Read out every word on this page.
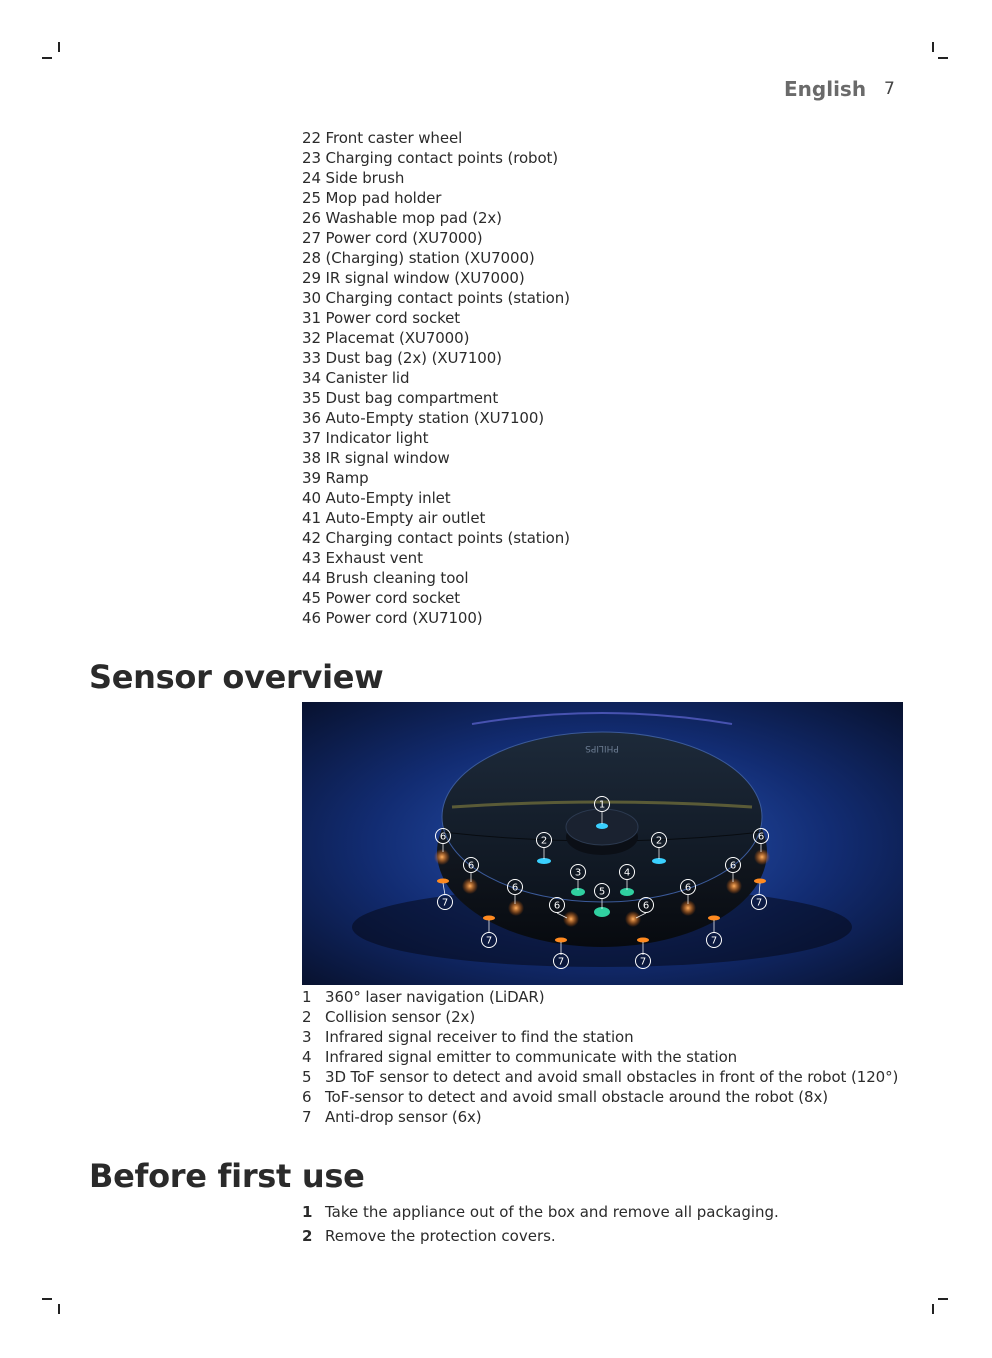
English 7
22 Front caster wheel
23 Charging contact points (robot)
24 Side brush
25 Mop pad holder
26 Washable mop pad (2x)
27 Power cord (XU7000)
28 (Charging) station (XU7000)
29 IR signal window (XU7000)
30 Charging contact points (station)
31 Power cord socket
32 Placemat (XU7000)
33 Dust bag (2x) (XU7100)
34 Canister lid
35 Dust bag compartment
36 Auto-Empty station (XU7100)
37 Indicator light
38 IR signal window
39 Ramp
40 Auto-Empty inlet
41 Auto-Empty air outlet
42 Charging contact points (station)
43 Exhaust vent
44 Brush cleaning tool
45 Power cord socket
46 Power cord (XU7100)
Sensor overview
PHILIPS
1
2	2
3	4
5
6	6
6	6
6	6
6	6
7	7
7	7
7	7
1 360° laser navigation (LiDAR)
2 Collision sensor (2x)
3 Infrared signal receiver to find the station
4 Infrared signal emitter to communicate with the station
5 3D ToF sensor to detect and avoid small obstacles in front of the robot (120°)
6 ToF-sensor to detect and avoid small obstacle around the robot (8x)
7 Anti-drop sensor (6x)
Before first use
1 Take the appliance out of the box and remove all packaging.
2 Remove the protection covers.
